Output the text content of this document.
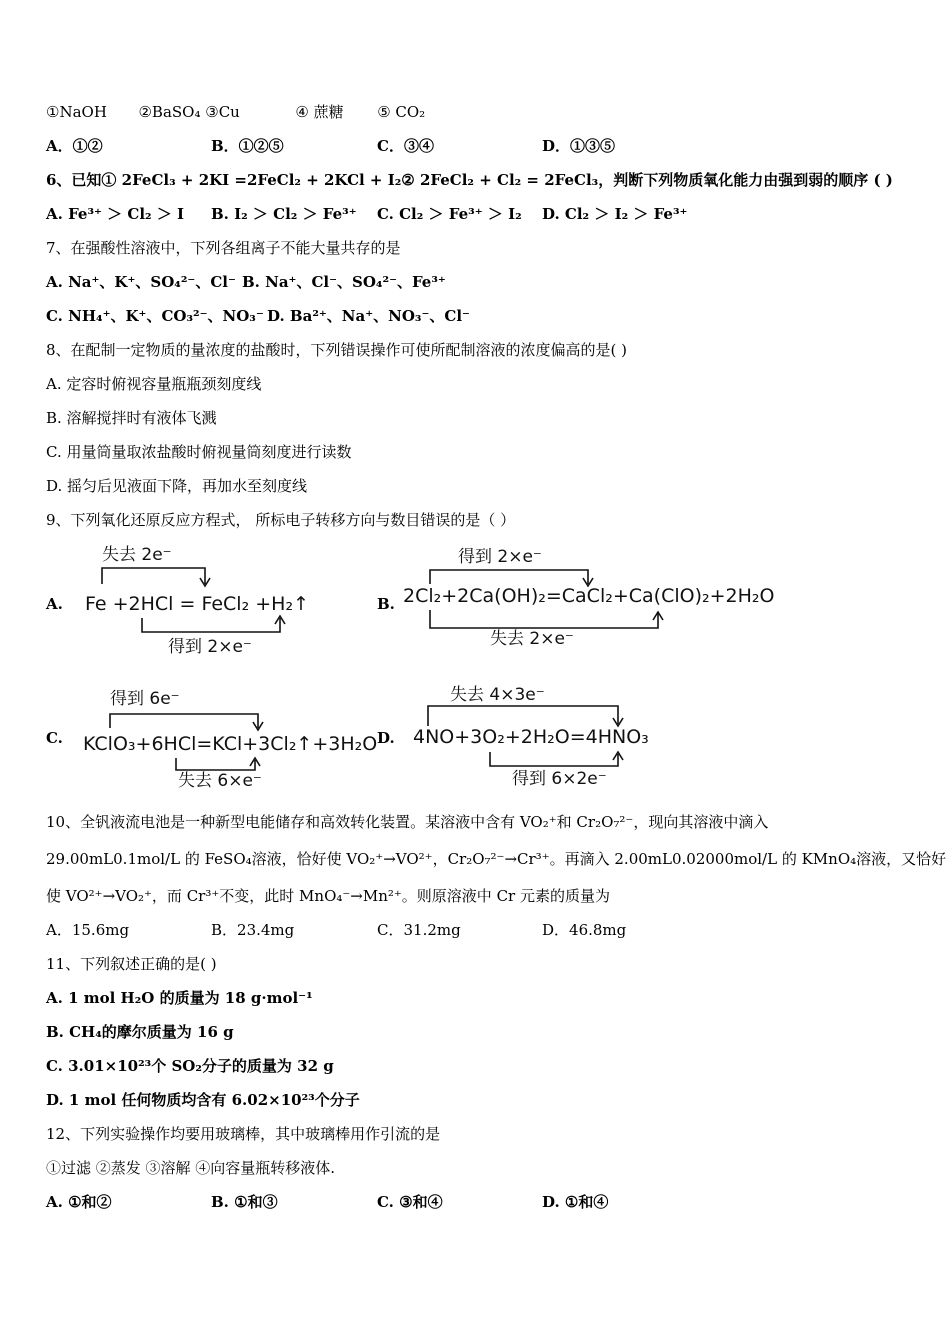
①NaOH ②BaSO₄ ③Cu	④ 蔗糖 ⑤ CO₂
A．①②	B．①②⑤	C．③④	D．①③⑤
6、已知① 2FeCl₃ + 2KI =2FeCl₂ + 2KCl + I₂② 2FeCl₂ + Cl₂ = 2FeCl₃，判断下列物质氧化能力由强到弱的顺序 ( )
A. Fe³⁺ ＞ Cl₂ ＞ I B. I₂ ＞ Cl₂ ＞ Fe³⁺ C. Cl₂ ＞ Fe³⁺ ＞ I₂ D. Cl₂ ＞ I₂ ＞ Fe³⁺
7、在强酸性溶液中，下列各组离子不能大量共存的是
A. Na⁺、K⁺、SO₄²⁻、Cl⁻ B. Na⁺、Cl⁻、SO₄²⁻、Fe³⁺
C. NH₄⁺、K⁺、CO₃²⁻、NO₃⁻ D. Ba²⁺、Na⁺、NO₃⁻、Cl⁻
8、在配制一定物质的量浓度的盐酸时，下列错误操作可使所配制溶液的浓度偏高的是( )
A. 定容时俯视容量瓶瓶颈刻度线
B. 溶解搅拌时有液体飞溅
C. 用量筒量取浓盐酸时俯视量筒刻度进行读数
D. 摇匀后见液面下降，再加水至刻度线
9、下列氧化还原反应方程式， 所标电子转移方向与数目错误的是（ ）
A.
失去 2e⁻
Fe +2HCl = FeCl₂ +H₂↑
得到 2×e⁻
B.
得到 2×e⁻
2Cl₂+2Ca(OH)₂=CaCl₂+Ca(ClO)₂+2H₂O
失去 2×e⁻
C.
得到 6e⁻
KClO₃+6HCl=KCl+3Cl₂↑+3H₂O
失去 6×e⁻
D.
失去 4×3e⁻
4NO+3O₂+2H₂O=4HNO₃
得到 6×2e⁻
10、全钒液流电池是一种新型电能储存和高效转化装置。某溶液中含有 VO₂⁺和 Cr₂O₇²⁻，现向其溶液中滴入
29.00mL0.1mol/L 的 FeSO₄溶液，恰好使 VO₂⁺→VO²⁺，Cr₂O₇²⁻→Cr³⁺。再滴入 2.00mL0.02000mol/L 的 KMnO₄溶液，又恰好
使 VO²⁺→VO₂⁺，而 Cr³⁺不变，此时 MnO₄⁻→Mn²⁺。则原溶液中 Cr 元素的质量为
A．15.6mg	B．23.4mg	C．31.2mg	D．46.8mg
11、下列叙述正确的是( )
A. 1 mol H₂O 的质量为 18 g·mol⁻¹
B. CH₄的摩尔质量为 16 g
C. 3.01×10²³个 SO₂分子的质量为 32 g
D. 1 mol 任何物质均含有 6.02×10²³个分子
12、下列实验操作均要用玻璃棒，其中玻璃棒用作引流的是
①过滤 ②蒸发 ③溶解 ④向容量瓶转移液体.
A. ①和②	B. ①和③	C. ③和④	D. ①和④
